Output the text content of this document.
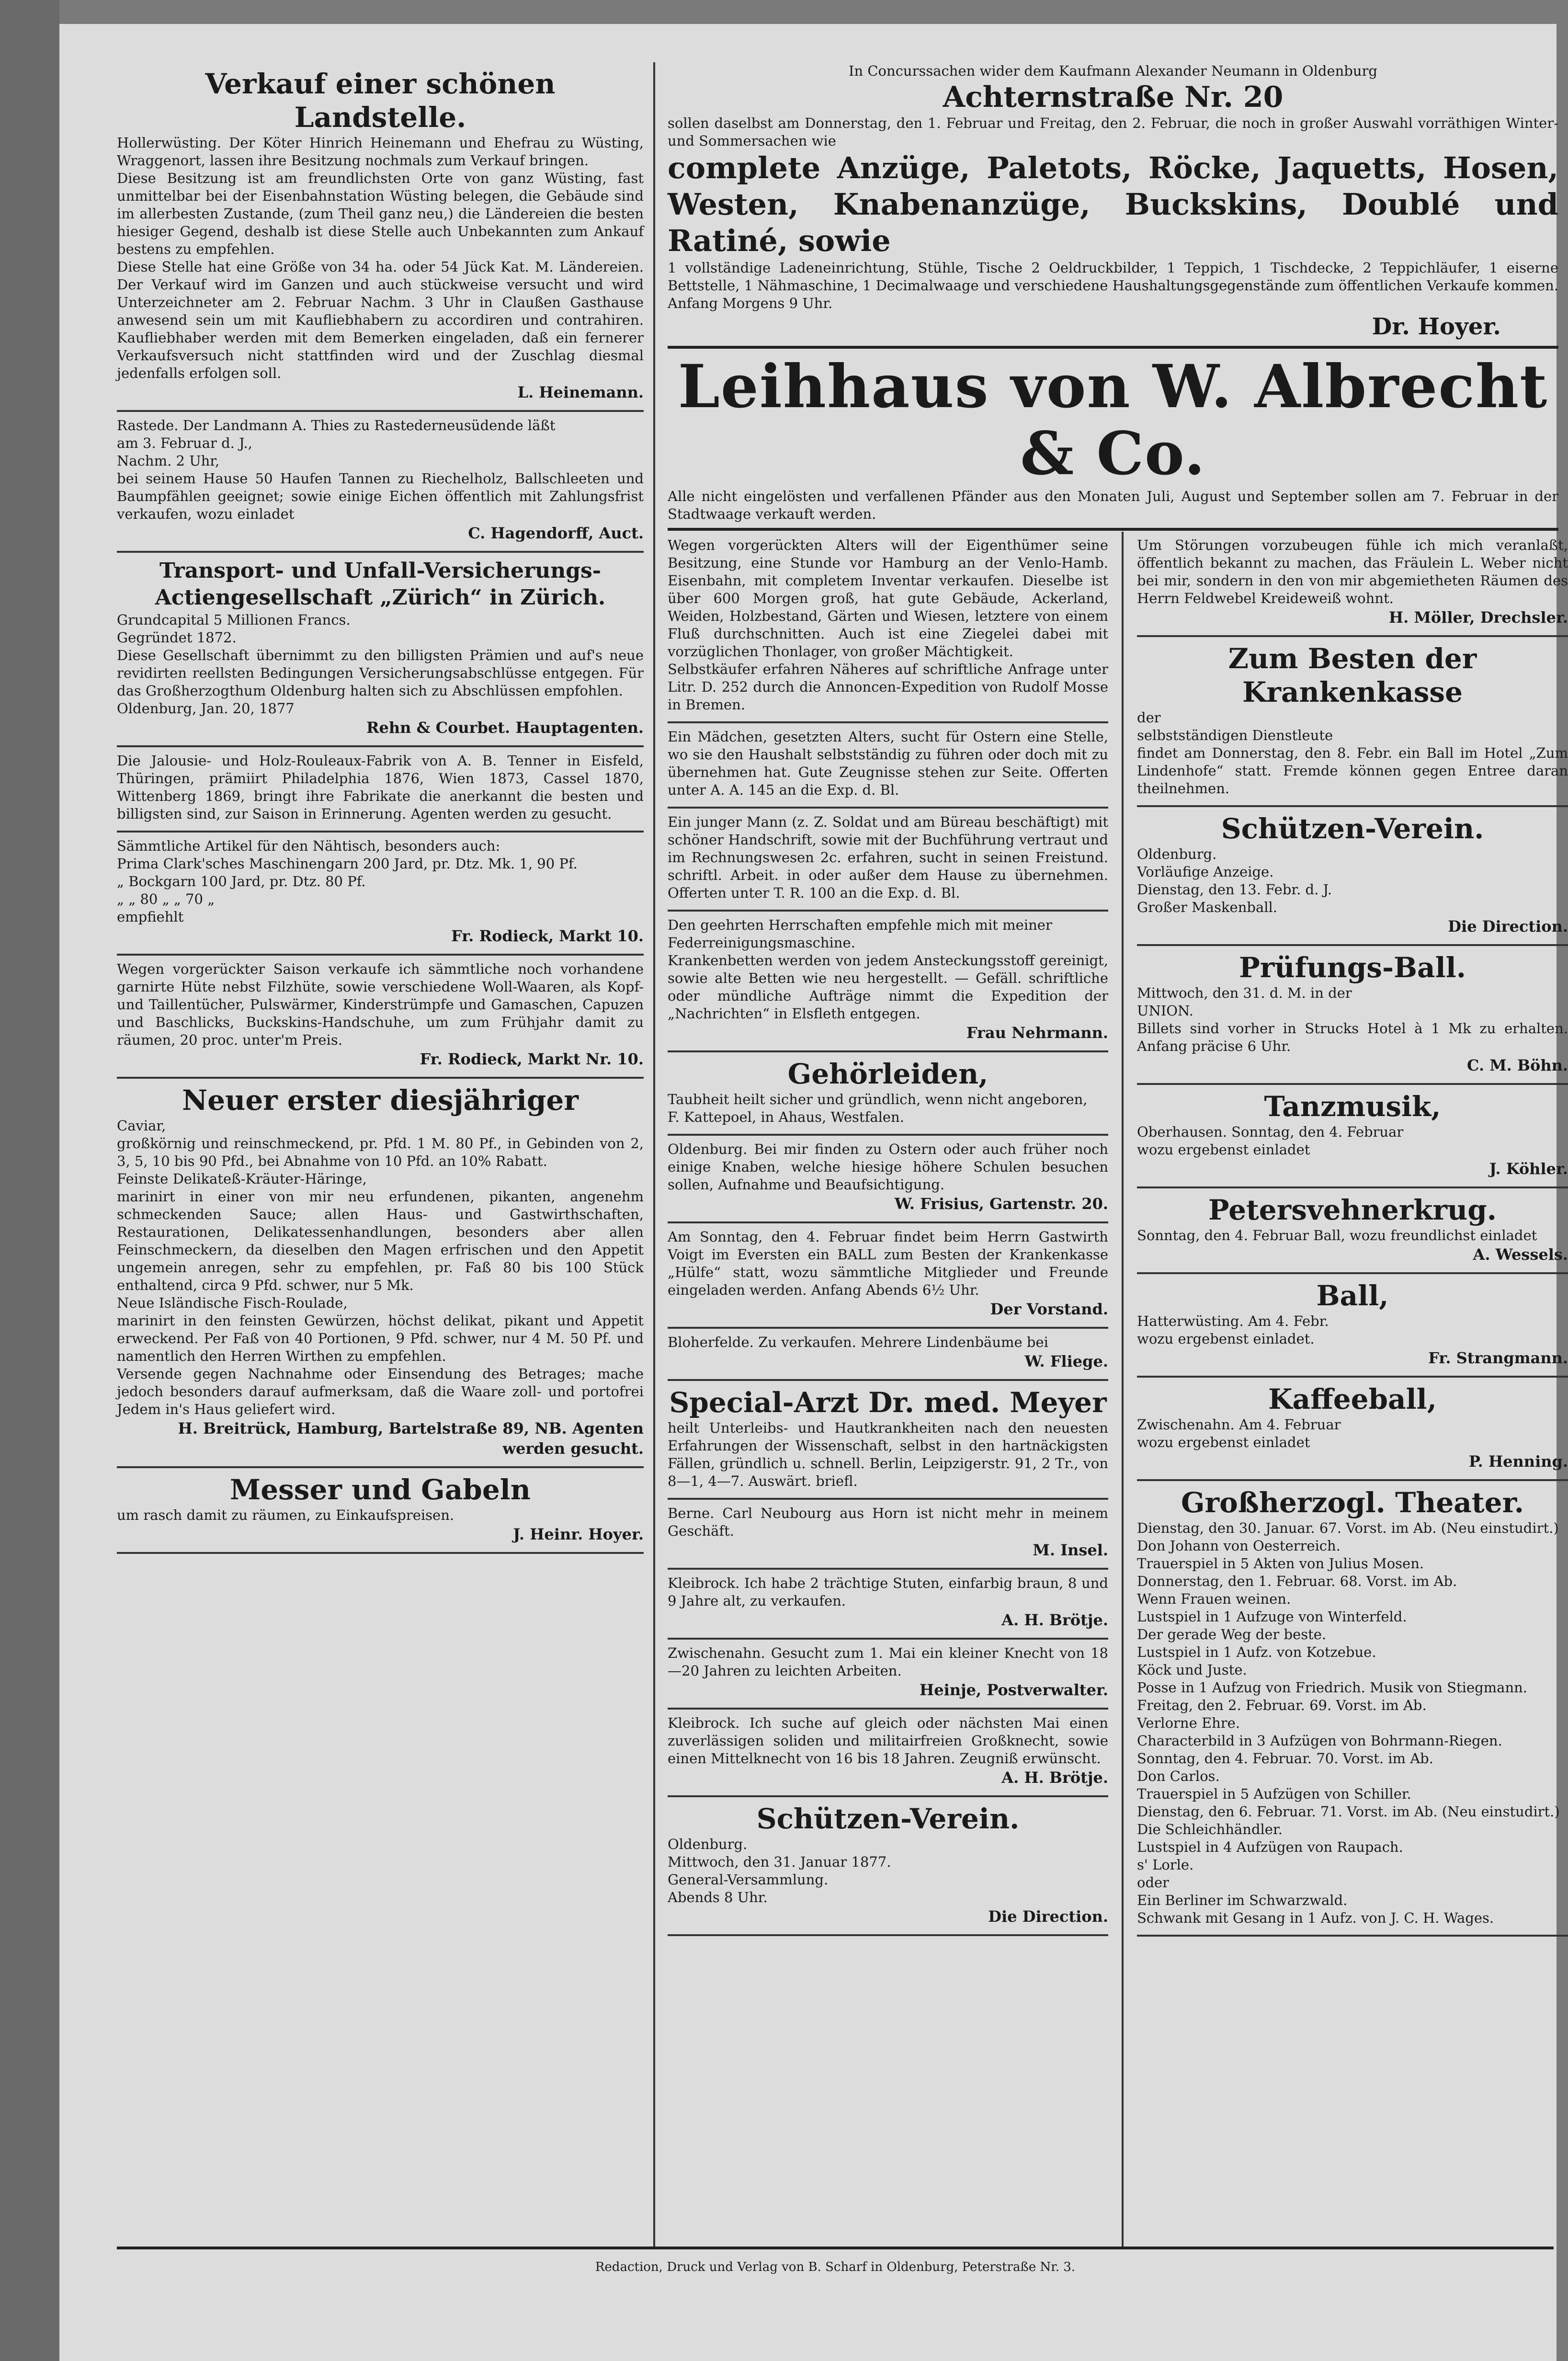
Verkauf einer schönen Landstelle.

Hollerwüsting. Der Köter Hinrich Heinemann und Ehefrau zu Wüsting, Wraggenort, lassen ihre Besitzung nochmals zum Verkauf bringen.
Diese Besitzung ist am freundlichsten Orte von ganz Wüsting, fast unmittelbar bei der Eisenbahnstation Wüsting belegen, die Gebäude sind im allerbesten Zustande, (zum Theil ganz neu,) die Ländereien die besten hiesiger Gegend, deshalb ist diese Stelle auch Unbekannten zum Ankauf bestens zu empfehlen.
Diese Stelle hat eine Größe von 34 ha. oder 54 Jück Kat. M. Ländereien. Der Verkauf wird im Ganzen und auch stückweise versucht und wird Unterzeichneter am 2. Februar Nachm. 3 Uhr in Claußen Gasthause anwesend sein um mit Kaufliebhabern zu accordiren und contrahiren. Kaufliebhaber werden mit dem Bemerken eingeladen, daß ein fernerer Verkaufsversuch nicht stattfinden wird und der Zuschlag diesmal jedenfalls erfolgen soll.

L. Heinemann.

Rastede. Der Landmann A. Thies zu Rastederneusüdende läßt
am 3. Februar d. J.,
Nachm. 2 Uhr,
bei seinem Hause 50 Haufen Tannen zu Riechelholz, Ballschleeten und Baumpfählen geeignet; sowie einige Eichen öffentlich mit Zahlungsfrist verkaufen, wozu einladet

C. Hagendorff, Auct.

Transport- und Unfall-Versicherungs-Actiengesellschaft „Zürich“ in Zürich.

Grundcapital 5 Millionen Francs.
Gegründet 1872.
Diese Gesellschaft übernimmt zu den billigsten Prämien und auf's neue revidirten reellsten Bedingungen Versicherungsabschlüsse entgegen. Für das Großherzogthum Oldenburg halten sich zu Abschlüssen empfohlen.
Oldenburg, Jan. 20, 1877

Rehn & Courbet. Hauptagenten.

Die Jalousie- und Holz-Rouleaux-Fabrik von A. B. Tenner in Eisfeld, Thüringen, prämiirt Philadelphia 1876, Wien 1873, Cassel 1870, Wittenberg 1869, bringt ihre Fabrikate die anerkannt die besten und billigsten sind, zur Saison in Erinnerung. Agenten werden zu gesucht.

Sämmtliche Artikel für den Nähtisch, besonders auch:
Prima Clark'sches Maschinengarn 200 Jard, pr. Dtz. Mk. 1, 90 Pf.
„ Bockgarn 100 Jard, pr. Dtz. 80 Pf.
„ „ 80 „ „ 70 „
empfiehlt

Fr. Rodieck, Markt 10.

Wegen vorgerückter Saison verkaufe ich sämmtliche noch vorhandene garnirte Hüte nebst Filzhüte, sowie verschiedene Woll-Waaren, als Kopf- und Taillentücher, Pulswärmer, Kinderstrümpfe und Gamaschen, Capuzen und Baschlicks, Buckskins-Handschuhe, um zum Frühjahr damit zu räumen, 20 proc. unter'm Preis.

Fr. Rodieck, Markt Nr. 10.

Neuer erster diesjähriger

Caviar,
großkörnig und reinschmeckend, pr. Pfd. 1 M. 80 Pf., in Gebinden von 2, 3, 5, 10 bis 90 Pfd., bei Abnahme von 10 Pfd. an 10% Rabatt.
Feinste Delikateß-Kräuter-Häringe,
marinirt in einer von mir neu erfundenen, pikanten, angenehm schmeckenden Sauce; allen Haus- und Gastwirthschaften, Restaurationen, Delikatessenhandlungen, besonders aber allen Feinschmeckern, da dieselben den Magen erfrischen und den Appetit ungemein anregen, sehr zu empfehlen, pr. Faß 80 bis 100 Stück enthaltend, circa 9 Pfd. schwer, nur 5 Mk.
Neue Isländische Fisch-Roulade,
marinirt in den feinsten Gewürzen, höchst delikat, pikant und Appetit erweckend. Per Faß von 40 Portionen, 9 Pfd. schwer, nur 4 M. 50 Pf. und namentlich den Herren Wirthen zu empfehlen.
Versende gegen Nachnahme oder Einsendung des Betrages; mache jedoch besonders darauf aufmerksam, daß die Waare zoll- und portofrei Jedem in's Haus geliefert wird.

H. Breitrück, Hamburg, Bartelstraße 89, NB. Agenten werden gesucht.

Messer und Gabeln

um rasch damit zu räumen, zu Einkaufspreisen.

J. Heinr. Hoyer.

In Concurssachen wider dem Kaufmann Alexander Neumann in Oldenburg

Achternstraße Nr. 20

sollen daselbst am Donnerstag, den 1. Februar und Freitag, den 2. Februar, die noch in großer Auswahl vorräthigen Winter- und Sommersachen wie

complete Anzüge, Paletots, Röcke, Jaquetts, Hosen, Westen, Knabenanzüge, Buckskins, Doublé und Ratiné, sowie

1 vollständige Ladeneinrichtung, Stühle, Tische 2 Oeldruckbilder, 1 Teppich, 1 Tischdecke, 2 Teppichläufer, 1 eiserne Bettstelle, 1 Nähmaschine, 1 Decimalwaage und verschiedene Haushaltungsgegenstände zum öffentlichen Verkaufe kommen. Anfang Morgens 9 Uhr.

Dr. Hoyer.

Leihhaus von W. Albrecht & Co.

Alle nicht eingelösten und verfallenen Pfänder aus den Monaten Juli, August und September sollen am 7. Februar in der Stadtwaage verkauft werden.

Wegen vorgerückten Alters will der Eigenthümer seine Besitzung, eine Stunde vor Hamburg an der Venlo-Hamb. Eisenbahn, mit completem Inventar verkaufen. Dieselbe ist über 600 Morgen groß, hat gute Gebäude, Ackerland, Weiden, Holzbestand, Gärten und Wiesen, letztere von einem Fluß durchschnitten. Auch ist eine Ziegelei dabei mit vorzüglichen Thonlager, von großer Mächtigkeit.
Selbstkäufer erfahren Näheres auf schriftliche Anfrage unter Litr. D. 252 durch die Annoncen-Expedition von Rudolf Mosse in Bremen.

Ein Mädchen, gesetzten Alters, sucht für Ostern eine Stelle, wo sie den Haushalt selbstständig zu führen oder doch mit zu übernehmen hat. Gute Zeugnisse stehen zur Seite. Offerten unter A. A. 145 an die Exp. d. Bl.

Ein junger Mann (z. Z. Soldat und am Büreau beschäftigt) mit schöner Handschrift, sowie mit der Buchführung vertraut und im Rechnungswesen 2c. erfahren, sucht in seinen Freistund. schriftl. Arbeit. in oder außer dem Hause zu übernehmen. Offerten unter T. R. 100 an die Exp. d. Bl.

Den geehrten Herrschaften empfehle mich mit meiner
Federreinigungsmaschine.
Krankenbetten werden von jedem Ansteckungsstoff gereinigt, sowie alte Betten wie neu hergestellt. — Gefäll. schriftliche oder mündliche Aufträge nimmt die Expedition der „Nachrichten“ in Elsfleth entgegen.

Frau Nehrmann.

Gehörleiden,

Taubheit heilt sicher und gründlich, wenn nicht angeboren,
F. Kattepoel, in Ahaus, Westfalen.

Oldenburg. Bei mir finden zu Ostern oder auch früher noch einige Knaben, welche hiesige höhere Schulen besuchen sollen, Aufnahme und Beaufsichtigung.

W. Frisius, Gartenstr. 20.

Am Sonntag, den 4. Februar findet beim Herrn Gastwirth Voigt im Eversten ein BALL zum Besten der Krankenkasse „Hülfe“ statt, wozu sämmtliche Mitglieder und Freunde eingeladen werden. Anfang Abends 6½ Uhr.

Der Vorstand.

Bloherfelde. Zu verkaufen. Mehrere Lindenbäume bei

W. Fliege.

Special-Arzt Dr. med. Meyer

heilt Unterleibs- und Hautkrankheiten nach den neuesten Erfahrungen der Wissenschaft, selbst in den hartnäckigsten Fällen, gründlich u. schnell. Berlin, Leipzigerstr. 91, 2 Tr., von 8—1, 4—7. Auswärt. briefl.

Berne. Carl Neubourg aus Horn ist nicht mehr in meinem Geschäft.

M. Insel.

Kleibrock. Ich habe 2 trächtige Stuten, einfarbig braun, 8 und 9 Jahre alt, zu verkaufen.

A. H. Brötje.

Zwischenahn. Gesucht zum 1. Mai ein kleiner Knecht von 18—20 Jahren zu leichten Arbeiten.

Heinje, Postverwalter.

Kleibrock. Ich suche auf gleich oder nächsten Mai einen zuverlässigen soliden und militairfreien Großknecht, sowie einen Mittelknecht von 16 bis 18 Jahren. Zeugniß erwünscht.

A. H. Brötje.

Schützen-Verein.

Oldenburg.
Mittwoch, den 31. Januar 1877.
General-Versammlung.
Abends 8 Uhr.

Die Direction.

Um Störungen vorzubeugen fühle ich mich veranlaßt, öffentlich bekannt zu machen, das Fräulein L. Weber nicht bei mir, sondern in den von mir abgemietheten Räumen des Herrn Feldwebel Kreideweiß wohnt.

H. Möller, Drechsler.

Zum Besten der Krankenkasse

der
selbstständigen Dienstleute
findet am Donnerstag, den 8. Febr. ein Ball im Hotel „Zum Lindenhofe“ statt. Fremde können gegen Entree daran theilnehmen.

Schützen-Verein.

Oldenburg.
Vorläufige Anzeige.
Dienstag, den 13. Febr. d. J.
Großer Maskenball.

Die Direction.

Prüfungs-Ball.

Mittwoch, den 31. d. M. in der
UNION.
Billets sind vorher in Strucks Hotel à 1 Mk zu erhalten. Anfang präcise 6 Uhr.

C. M. Böhn.

Tanzmusik,

Oberhausen. Sonntag, den 4. Februar
wozu ergebenst einladet

J. Köhler.

Petersvehnerkrug.

Sonntag, den 4. Februar Ball, wozu freundlichst einladet

A. Wessels.

Ball,

Hatterwüsting. Am 4. Febr.
wozu ergebenst einladet.

Fr. Strangmann.

Kaffeeball,

Zwischenahn. Am 4. Februar
wozu ergebenst einladet

P. Henning.

Großherzogl. Theater.

Dienstag, den 30. Januar. 67. Vorst. im Ab. (Neu einstudirt.)
Don Johann von Oesterreich.
Trauerspiel in 5 Akten von Julius Mosen.
Donnerstag, den 1. Februar. 68. Vorst. im Ab.
Wenn Frauen weinen.
Lustspiel in 1 Aufzuge von Winterfeld.
Der gerade Weg der beste.
Lustspiel in 1 Aufz. von Kotzebue.
Köck und Juste.
Posse in 1 Aufzug von Friedrich. Musik von Stiegmann.
Freitag, den 2. Februar. 69. Vorst. im Ab.
Verlorne Ehre.
Characterbild in 3 Aufzügen von Bohrmann-Riegen.
Sonntag, den 4. Februar. 70. Vorst. im Ab.
Don Carlos.
Trauerspiel in 5 Aufzügen von Schiller.
Dienstag, den 6. Februar. 71. Vorst. im Ab. (Neu einstudirt.)
Die Schleichhändler.
Lustspiel in 4 Aufzügen von Raupach.
s' Lorle.
oder
Ein Berliner im Schwarzwald.
Schwank mit Gesang in 1 Aufz. von J. C. H. Wages.

Redaction, Druck und Verlag von B. Scharf in Oldenburg, Peterstraße Nr. 3.
